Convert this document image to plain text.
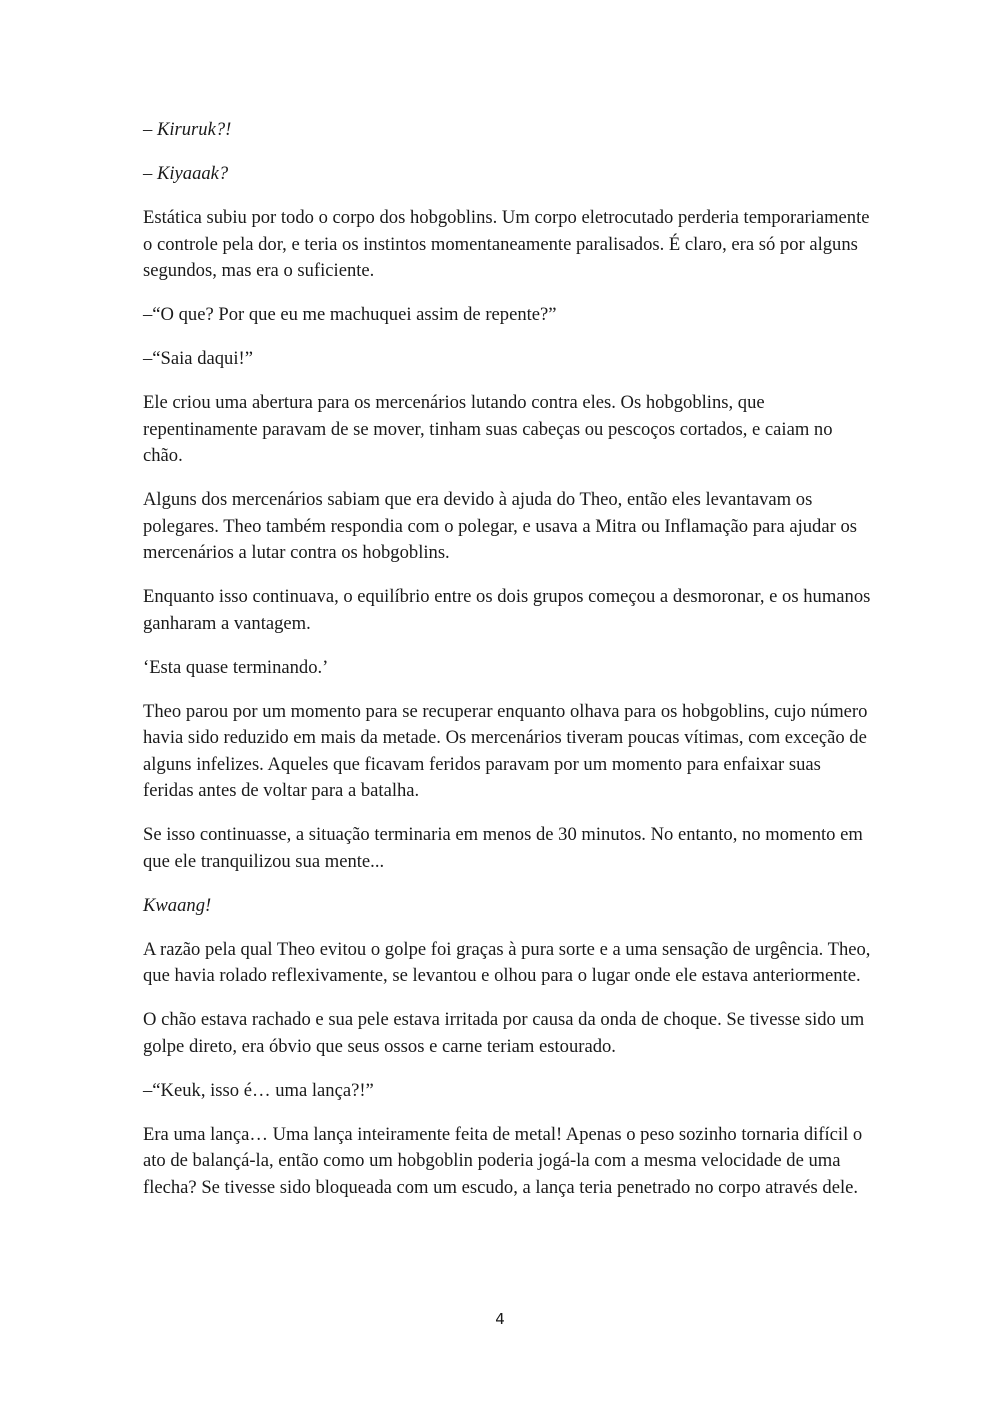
– Kiruruk?!

– Kiyaaak?

Estática subiu por todo o corpo dos hobgoblins. Um corpo eletrocutado perderia temporariamente o controle pela dor, e teria os instintos momentaneamente paralisados. É claro, era só por alguns segundos, mas era o suficiente.

–“O que? Por que eu me machuquei assim de repente?”

–“Saia daqui!”

Ele criou uma abertura para os mercenários lutando contra eles. Os hobgoblins, que repentinamente paravam de se mover, tinham suas cabeças ou pescoços cortados, e caiam no chão.

Alguns dos mercenários sabiam que era devido à ajuda do Theo, então eles levantavam os polegares. Theo também respondia com o polegar, e usava a Mitra ou Inflamação para ajudar os mercenários a lutar contra os hobgoblins.

Enquanto isso continuava, o equilíbrio entre os dois grupos começou a desmoronar, e os humanos ganharam a vantagem.

‘Esta quase terminando.’

Theo parou por um momento para se recuperar enquanto olhava para os hobgoblins, cujo número havia sido reduzido em mais da metade. Os mercenários tiveram poucas vítimas, com exceção de alguns infelizes. Aqueles que ficavam feridos paravam por um momento para enfaixar suas feridas antes de voltar para a batalha.

Se isso continuasse, a situação terminaria em menos de 30 minutos. No entanto, no momento em que ele tranquilizou sua mente...

Kwaang!

A razão pela qual Theo evitou o golpe foi graças à pura sorte e a uma sensação de urgência. Theo, que havia rolado reflexivamente, se levantou e olhou para o lugar onde ele estava anteriormente.

O chão estava rachado e sua pele estava irritada por causa da onda de choque. Se tivesse sido um golpe direto, era óbvio que seus ossos e carne teriam estourado.

–“Keuk, isso é… uma lança?!”

Era uma lança… Uma lança inteiramente feita de metal! Apenas o peso sozinho tornaria difícil o ato de balançá-la, então como um hobgoblin poderia jogá-la com a mesma velocidade de uma flecha? Se tivesse sido bloqueada com um escudo, a lança teria penetrado no corpo através dele.

4
